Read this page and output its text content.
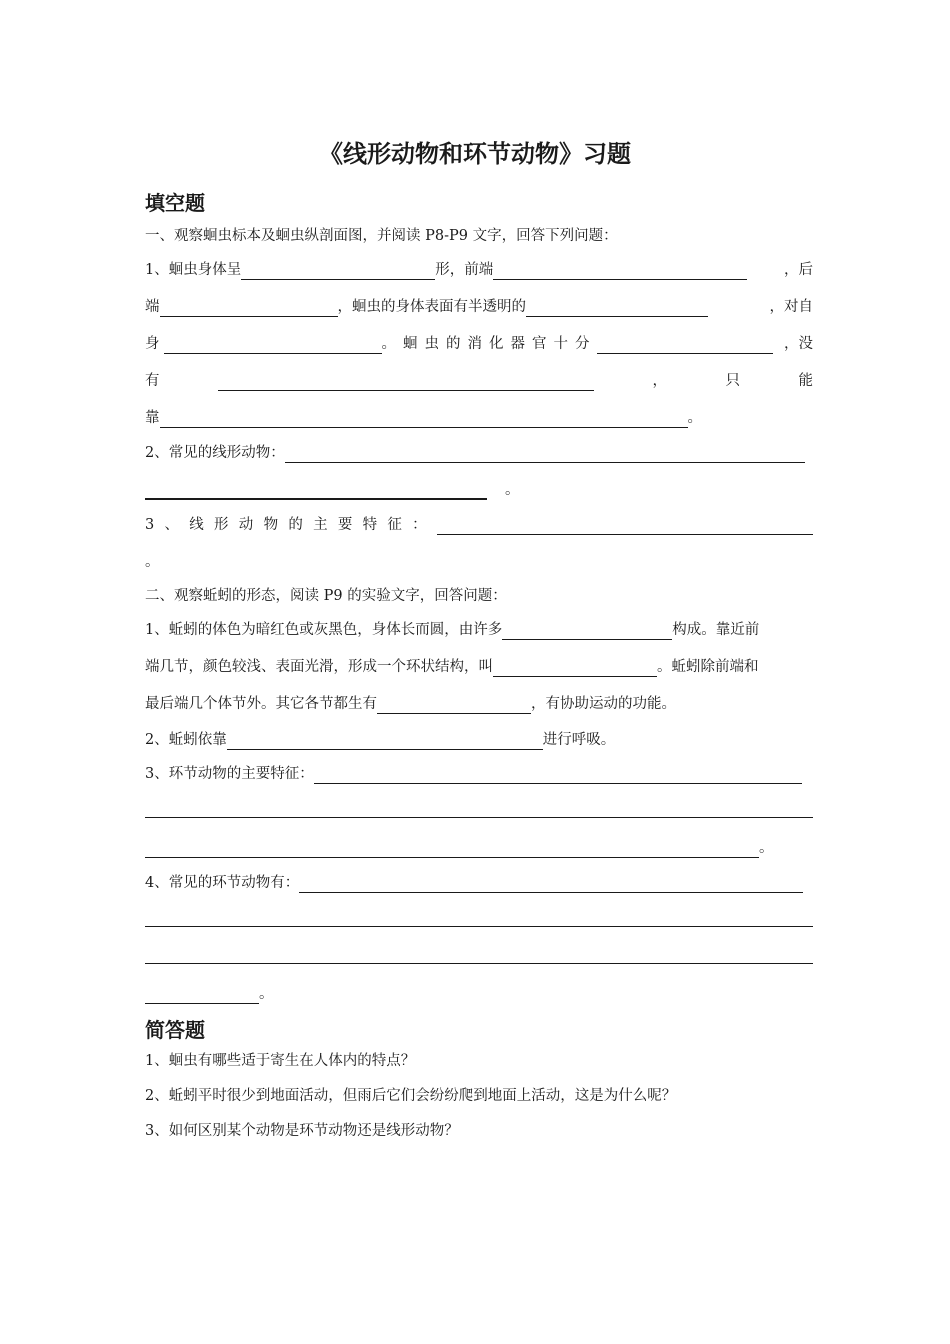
《线形动物和环节动物》习题
填空题
一、观察蛔虫标本及蛔虫纵剖面图，并阅读 P8-P9 文字，回答下列问题：
1、蛔虫身体呈	形，前端	，后
端	，蛔虫的身体表面有半透明的	，对自
身	。蛔虫的消化器官十分	，没
有	，	只	能
靠	。
2、常见的线形动物：
。
3 、 线 形 动 物 的 主 要 特 征 ：
。
二、观察蚯蚓的形态，阅读 P9 的实验文字，回答问题：
1、蚯蚓的体色为暗红色或灰黑色，身体长而圆，由许多	构成。靠近前
端几节，颜色较浅、表面光滑，形成一个环状结构，叫	。蚯蚓除前端和
最后端几个体节外。其它各节都生有	，有协助运动的功能。
2、蚯蚓依靠	进行呼吸。
3、环节动物的主要特征：
。
4、常见的环节动物有：
。
简答题
1、蛔虫有哪些适于寄生在人体内的特点？
2、蚯蚓平时很少到地面活动，但雨后它们会纷纷爬到地面上活动，这是为什么呢？
3、如何区别某个动物是环节动物还是线形动物？
